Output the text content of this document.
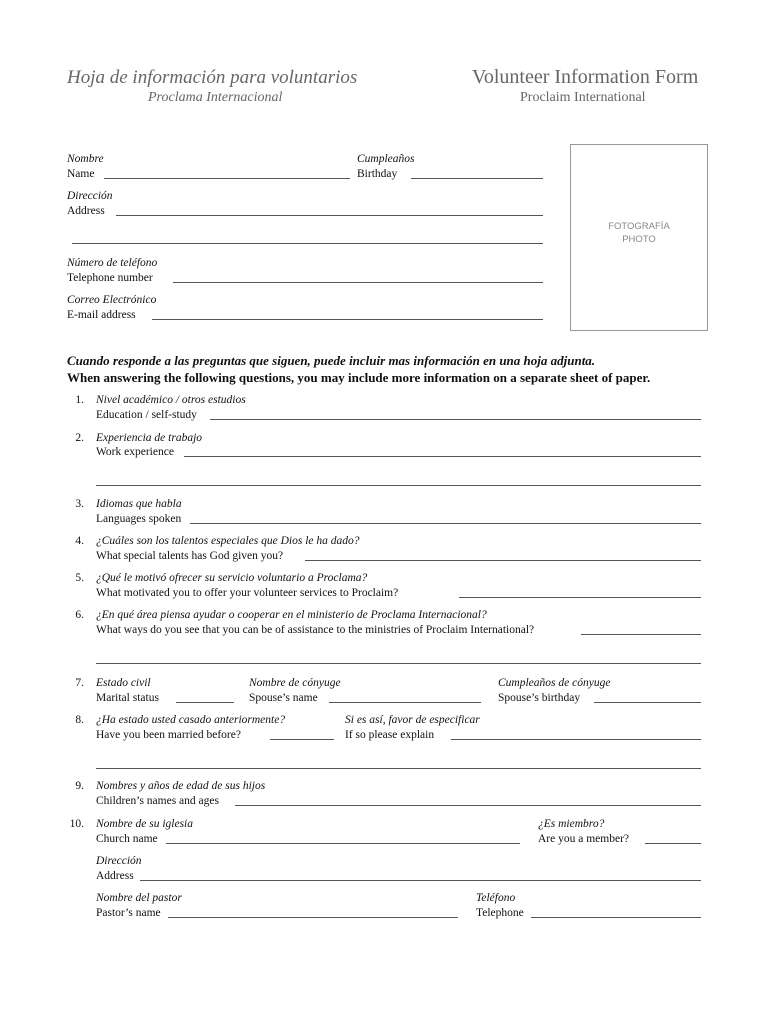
Hoja de información para voluntarios
Proclama Internacional
Volunteer Information Form
Proclaim International
Nombre
Name
Cumpleaños
Birthday
Dirección
Address
Número de teléfono
Telephone number
Correo Electrónico
E-mail address
FOTOGRAFÍA
PHOTO
Cuando responde a las preguntas que siguen, puede incluir mas información en una hoja adjunta.
When answering the following questions, you may include more information on a separate sheet of paper.
1. Nivel académico / otros estudios
Education / self-study
2. Experiencia de trabajo
Work experience
3. Idiomas que habla
Languages spoken
4. ¿Cuáles son los talentos especiales que Dios le ha dado?
What special talents has God given you?
5. ¿Qué le motivó ofrecer su servicio voluntario a Proclama?
What motivated you to offer your volunteer services to Proclaim?
6. ¿En qué área piensa ayudar o cooperar en el ministerio de Proclama Internacional?
What ways do you see that you can be of assistance to the ministries of Proclaim International?
7. Estado civil
Marital status
Nombre de cónyuge
Spouse’s name
Cumpleaños de cónyuge
Spouse’s birthday
8. ¿Ha estado usted casado anteriormente?
Have you been married before?
Si es así, favor de especificar
If so please explain
9. Nombres y años de edad de sus hijos
Children’s names and ages
10. Nombre de su iglesia
Church name
¿Es miembro?
Are you a member?
Dirección
Address
Nombre del pastor
Pastor’s name
Teléfono
Telephone
